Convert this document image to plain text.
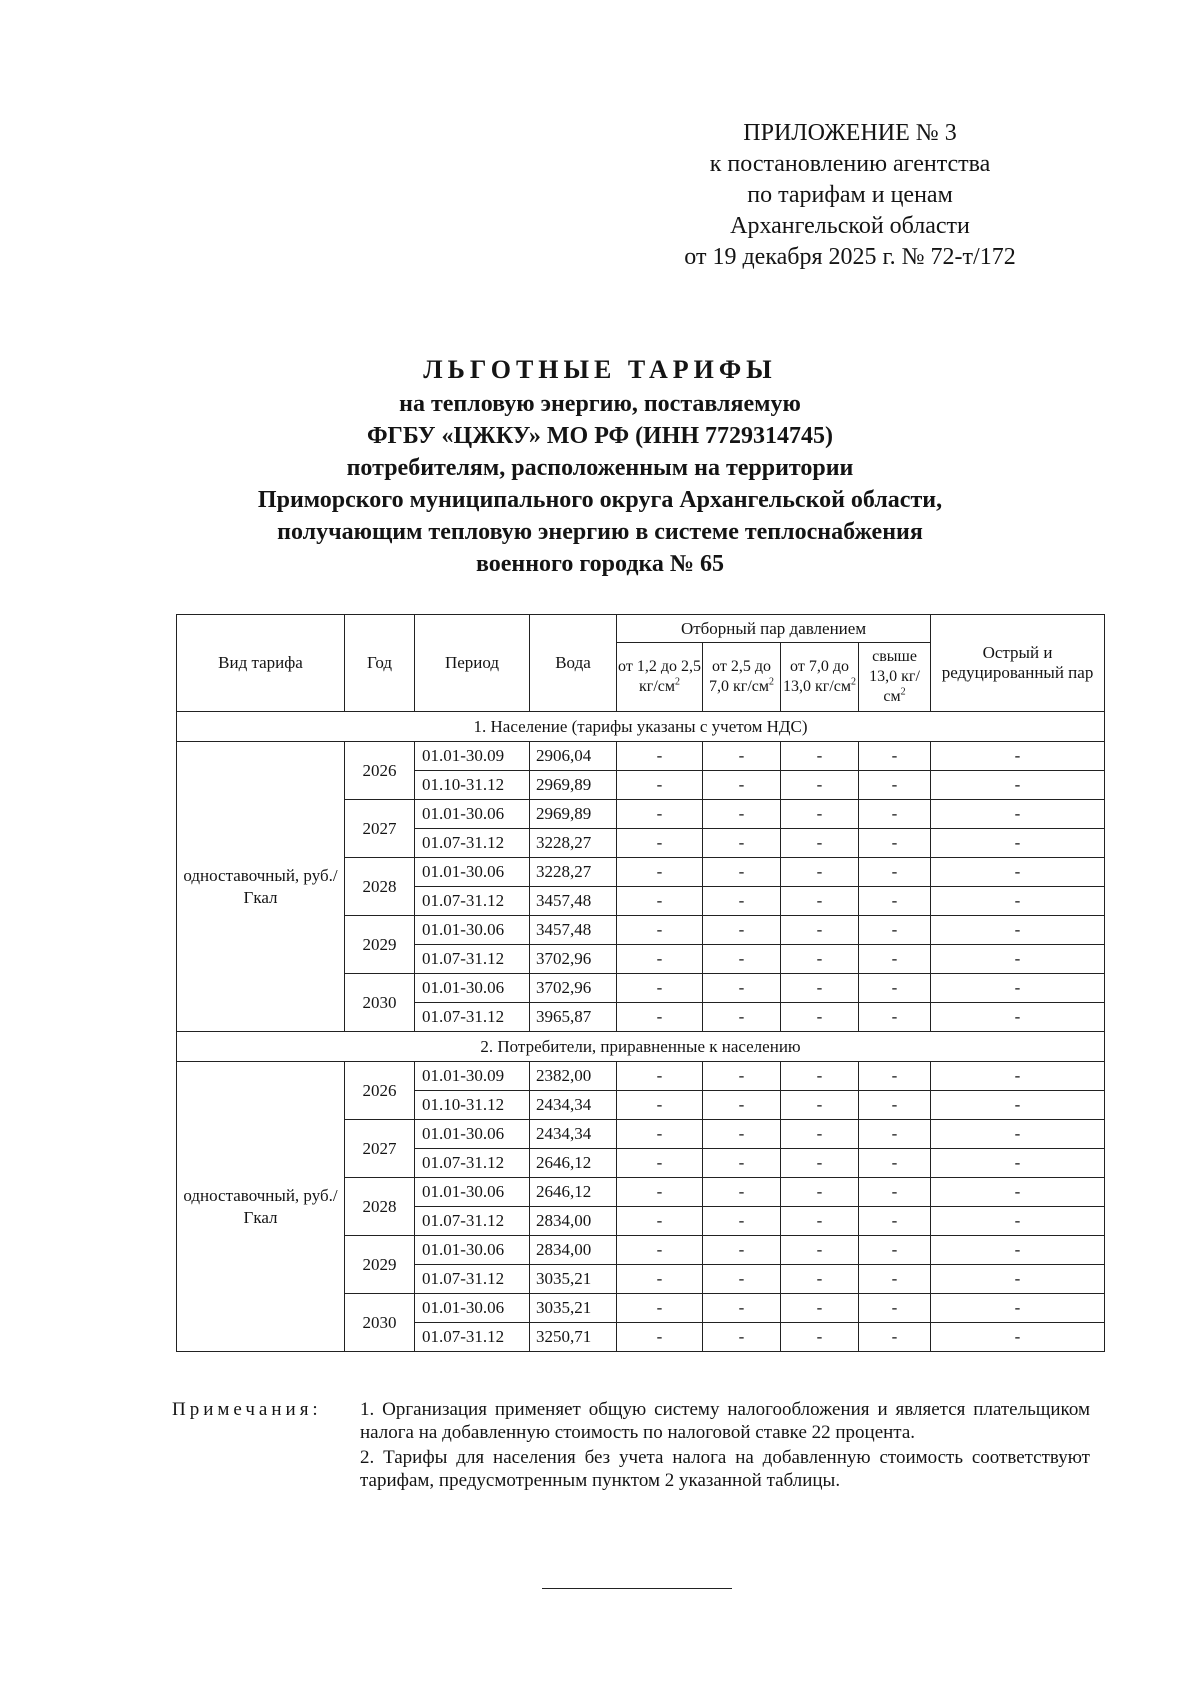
ПРИЛОЖЕНИЕ № 3
к постановлению агентства
по тарифам и ценам
Архангельской области
от 19 декабря 2025 г. № 72-т/172
ЛЬГОТНЫЕ ТАРИФЫ
на тепловую энергию, поставляемую
ФГБУ «ЦЖКУ» МО РФ (ИНН 7729314745)
потребителям, расположенным на территории
Приморского муниципального округа Архангельской области,
получающим тепловую энергию в системе теплоснабжения
военного городка № 65
Вид тарифа	Год	Период	Вода	Отборный пар давлением				Острый и редуцированный пар
				от 1,2 до 2,5 $кг/см^2$	от 2,5 до 7,0 $кг/см^2$	от 7,0 до 13,0 $кг/см^2$	свыше 13,0 $кг/см^2$
1. Население (тарифы указаны с учетом НДС)								
одноставочный, руб./Гкал	2026	01.01-30.09	2906,04	-	-	-	-	-
		01.10-31.12	2969,89	-	-	-	-	-
	2027	01.01-30.06	2969,89	-	-	-	-	-
		01.07-31.12	3228,27	-	-	-	-	-
	2028	01.01-30.06	3228,27	-	-	-	-	-
		01.07-31.12	3457,48	-	-	-	-	-
	2029	01.01-30.06	3457,48	-	-	-	-	-
		01.07-31.12	3702,96	-	-	-	-	-
	2030	01.01-30.06	3702,96	-	-	-	-	-
		01.07-31.12	3965,87	-	-	-	-	-
2. Потребители, приравненные к населению								
одноставочный, руб./Гкал	2026	01.01-30.09	2382,00	-	-	-	-	-
		01.10-31.12	2434,34	-	-	-	-	-
	2027	01.01-30.06	2434,34	-	-	-	-	-
		01.07-31.12	2646,12	-	-	-	-	-
	2028	01.01-30.06	2646,12	-	-	-	-	-
		01.07-31.12	2834,00	-	-	-	-	-
	2029	01.01-30.06	2834,00	-	-	-	-	-
		01.07-31.12	3035,21	-	-	-	-	-
	2030	01.01-30.06	3035,21	-	-	-	-	-
		01.07-31.12	3250,71	-	-	-	-	-
Примечания: 1. Организация применяет общую систему налогообложения и является плательщиком налога на добавленную стоимость по налоговой ставке 22 процента.

2. Тарифы для населения без учета налога на добавленную стоимость соответствуют тарифам, предусмотренным пунктом 2 указанной таблицы.
